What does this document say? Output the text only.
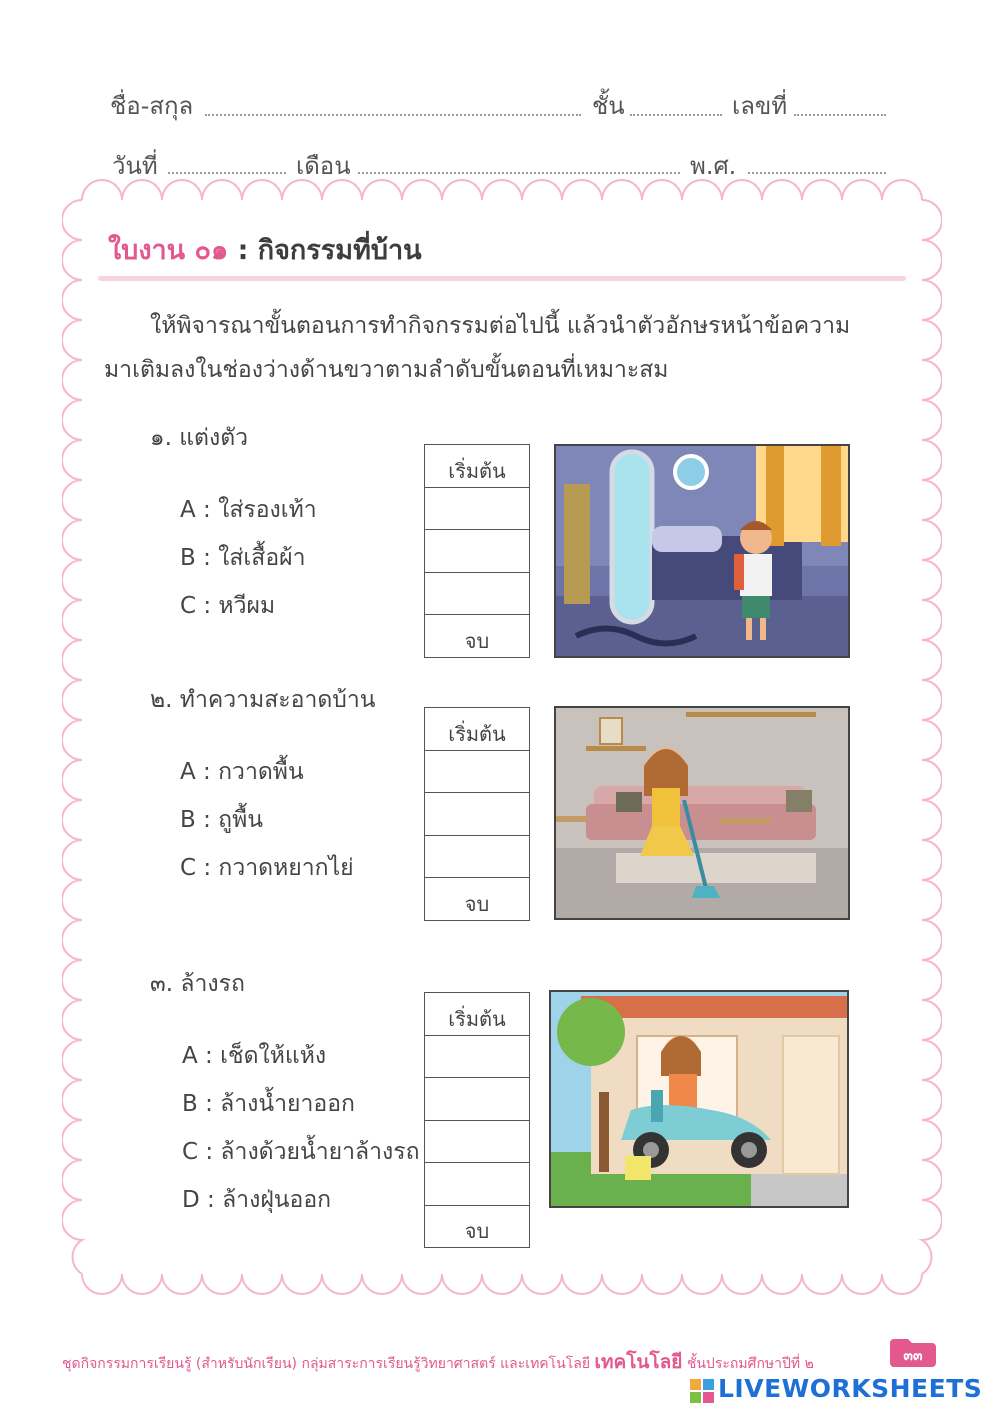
ชื่อ-สกุล	ชั้น	เลขที่
วันที่	เดือน	พ.ศ.
ใบงาน ๐๑ : กิจกรรมที่บ้าน
ให้พิจารณาขั้นตอนการทำกิจกรรมต่อไปนี้ แล้วนำตัวอักษรหน้าข้อความ
มาเติมลงในช่องว่างด้านขวาตามลำดับขั้นตอนที่เหมาะสม
๑. แต่งตัว
A : ใส่รองเท้า
B : ใส่เสื้อผ้า
C : หวีผม
เริ่มต้น
จบ
๒. ทำความสะอาดบ้าน
A : กวาดพื้น
B : ถูพื้น
C : กวาดหยากไย่
เริ่มต้น
จบ
๓. ล้างรถ
A : เช็ดให้แห้ง
B : ล้างน้ำยาออก
C : ล้างด้วยน้ำยาล้างรถ
D : ล้างฝุ่นออก
เริ่มต้น
จบ
ชุดกิจกรรมการเรียนรู้ (สำหรับนักเรียน) กลุ่มสาระการเรียนรู้วิทยาศาสตร์ และเทคโนโลยี เทคโนโลยี ชั้นประถมศึกษาปีที่ ๒	๓๓
LIVEWORKSHEETS
